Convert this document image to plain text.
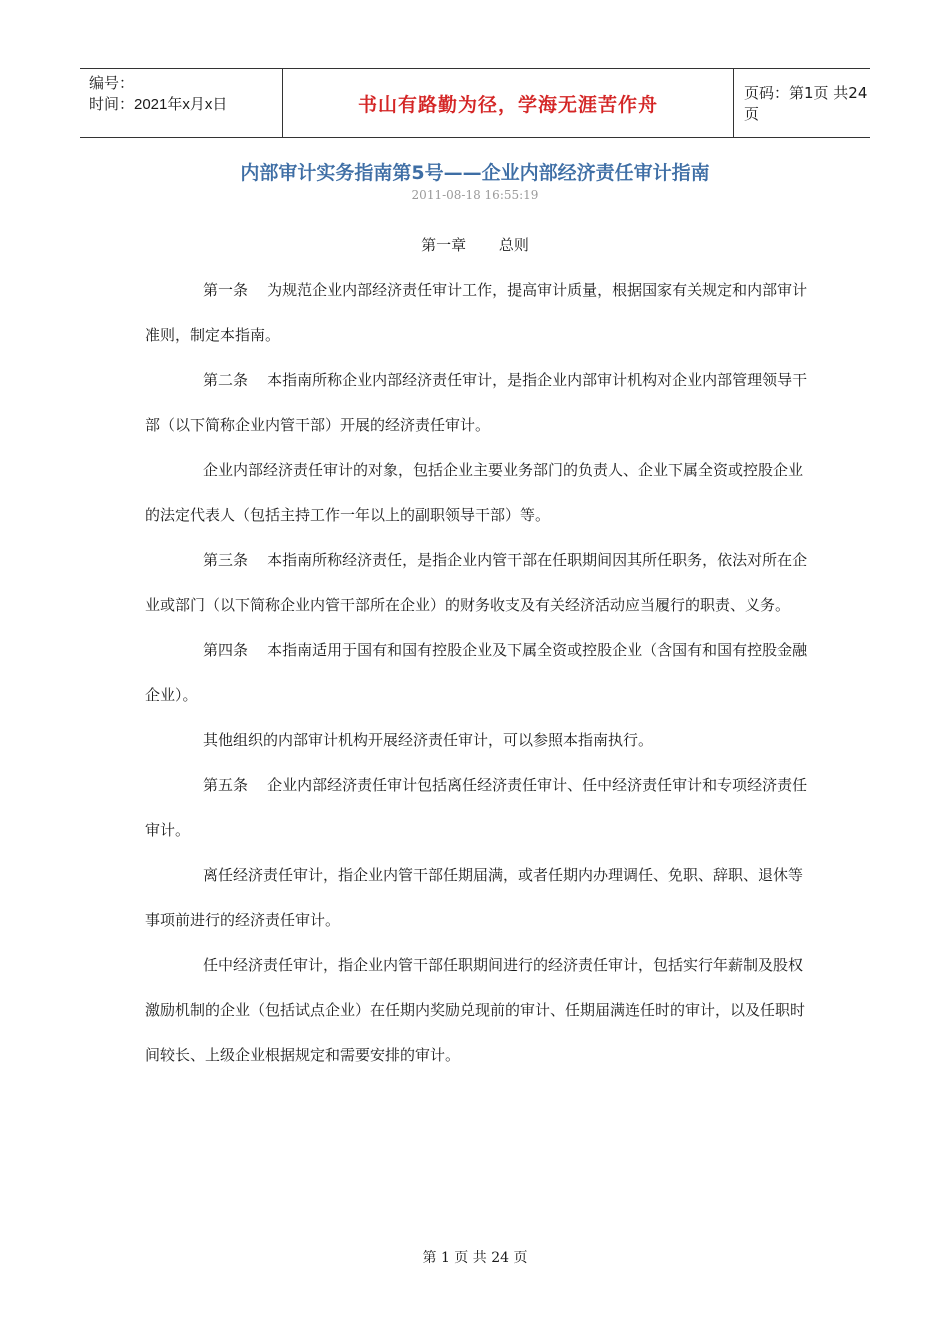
编号：
时间：2021年x月x日	书山有路勤为径，学海无涯苦作舟
页码：第1页 共24页
内部审计实务指南第5号——企业内部经济责任审计指南
2011-08-18 16:55:19
第一章 总则

第一条    为规范企业内部经济责任审计工作，提高审计质量，根据国家有关规定和内部审计准则，制定本指南。

第二条    本指南所称企业内部经济责任审计，是指企业内部审计机构对企业内部管理领导干部（以下简称企业内管干部）开展的经济责任审计。

企业内部经济责任审计的对象，包括企业主要业务部门的负责人、企业下属全资或控股企业的法定代表人（包括主持工作一年以上的副职领导干部）等。

第三条    本指南所称经济责任，是指企业内管干部在任职期间因其所任职务，依法对所在企业或部门（以下简称企业内管干部所在企业）的财务收支及有关经济活动应当履行的职责、义务。

第四条    本指南适用于国有和国有控股企业及下属全资或控股企业（含国有和国有控股金融企业）。

其他组织的内部审计机构开展经济责任审计，可以参照本指南执行。

第五条    企业内部经济责任审计包括离任经济责任审计、任中经济责任审计和专项经济责任审计。

离任经济责任审计，指企业内管干部任期届满，或者任期内办理调任、免职、辞职、退休等事项前进行的经济责任审计。

任中经济责任审计，指企业内管干部任职期间进行的经济责任审计，包括实行年薪制及股权激励机制的企业（包括试点企业）在任期内奖励兑现前的审计、任期届满连任时的审计，以及任职时间较长、上级企业根据规定和需要安排的审计。

第 1 页 共 24 页
